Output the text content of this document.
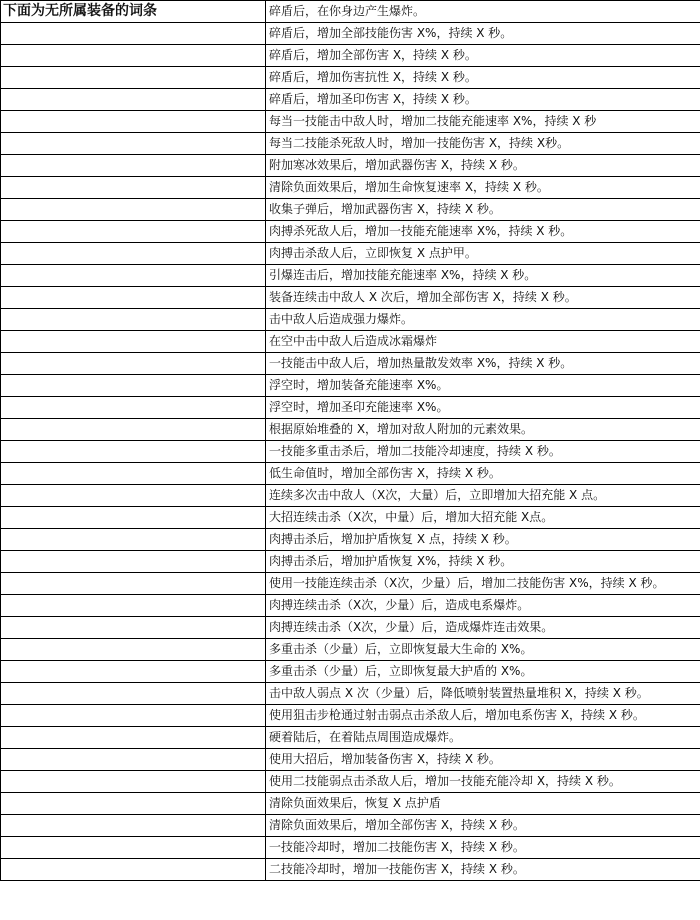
下面为无所属装备的词条	碎盾后，在你身边产生爆炸。
	碎盾后，增加全部技能伤害 X%，持续 X 秒。
	碎盾后，增加全部伤害 X，持续 X 秒。
	碎盾后，增加伤害抗性 X，持续 X 秒。
	碎盾后，增加圣印伤害 X，持续 X 秒。
	每当一技能击中敌人时，增加二技能充能速率 X%，持续 X 秒
	每当二技能杀死敌人时，增加一技能伤害 X，持续 X秒。
	附加寒冰效果后，增加武器伤害 X，持续 X 秒。
	清除负面效果后，增加生命恢复速率 X，持续 X 秒。
	收集子弹后，增加武器伤害 X，持续 X 秒。
	肉搏杀死敌人后，增加一技能充能速率 X%，持续 X 秒。
	肉搏击杀敌人后，立即恢复 X 点护甲。
	引爆连击后，增加技能充能速率 X%，持续 X 秒。
	装备连续击中敌人 X 次后，增加全部伤害 X，持续 X 秒。
	击中敌人后造成强力爆炸。
	在空中击中敌人后造成冰霜爆炸
	一技能击中敌人后，增加热量散发效率 X%，持续 X 秒。
	浮空时，增加装备充能速率 X%。
	浮空时，增加圣印充能速率 X%。
	根据原始堆叠的 X，增加对敌人附加的元素效果。
	一技能多重击杀后，增加二技能冷却速度，持续 X 秒。
	低生命值时，增加全部伤害 X，持续 X 秒。
	连续多次击中敌人（X次，大量）后，立即增加大招充能 X 点。
	大招连续击杀（X次，中量）后，增加大招充能 X点。
	肉搏击杀后，增加护盾恢复 X 点，持续 X 秒。
	肉搏击杀后，增加护盾恢复 X%，持续 X 秒。
	使用一技能连续击杀（X次，少量）后，增加二技能伤害 X%，持续 X 秒。
	肉搏连续击杀（X次，少量）后，造成电系爆炸。
	肉搏连续击杀（X次，少量）后，造成爆炸连击效果。
	多重击杀（少量）后，立即恢复最大生命的 X%。
	多重击杀（少量）后，立即恢复最大护盾的 X%。
	击中敌人弱点 X 次（少量）后，降低喷射装置热量堆积 X，持续 X 秒。
	使用狙击步枪通过射击弱点击杀敌人后，增加电系伤害 X，持续 X 秒。
	硬着陆后，在着陆点周围造成爆炸。
	使用大招后，增加装备伤害 X，持续 X 秒。
	使用二技能弱点击杀敌人后，增加一技能充能冷却 X，持续 X 秒。
	清除负面效果后，恢复 X 点护盾
	清除负面效果后，增加全部伤害 X，持续 X 秒。
	一技能冷却时，增加二技能伤害 X，持续 X 秒。
	二技能冷却时，增加一技能伤害 X，持续 X 秒。
